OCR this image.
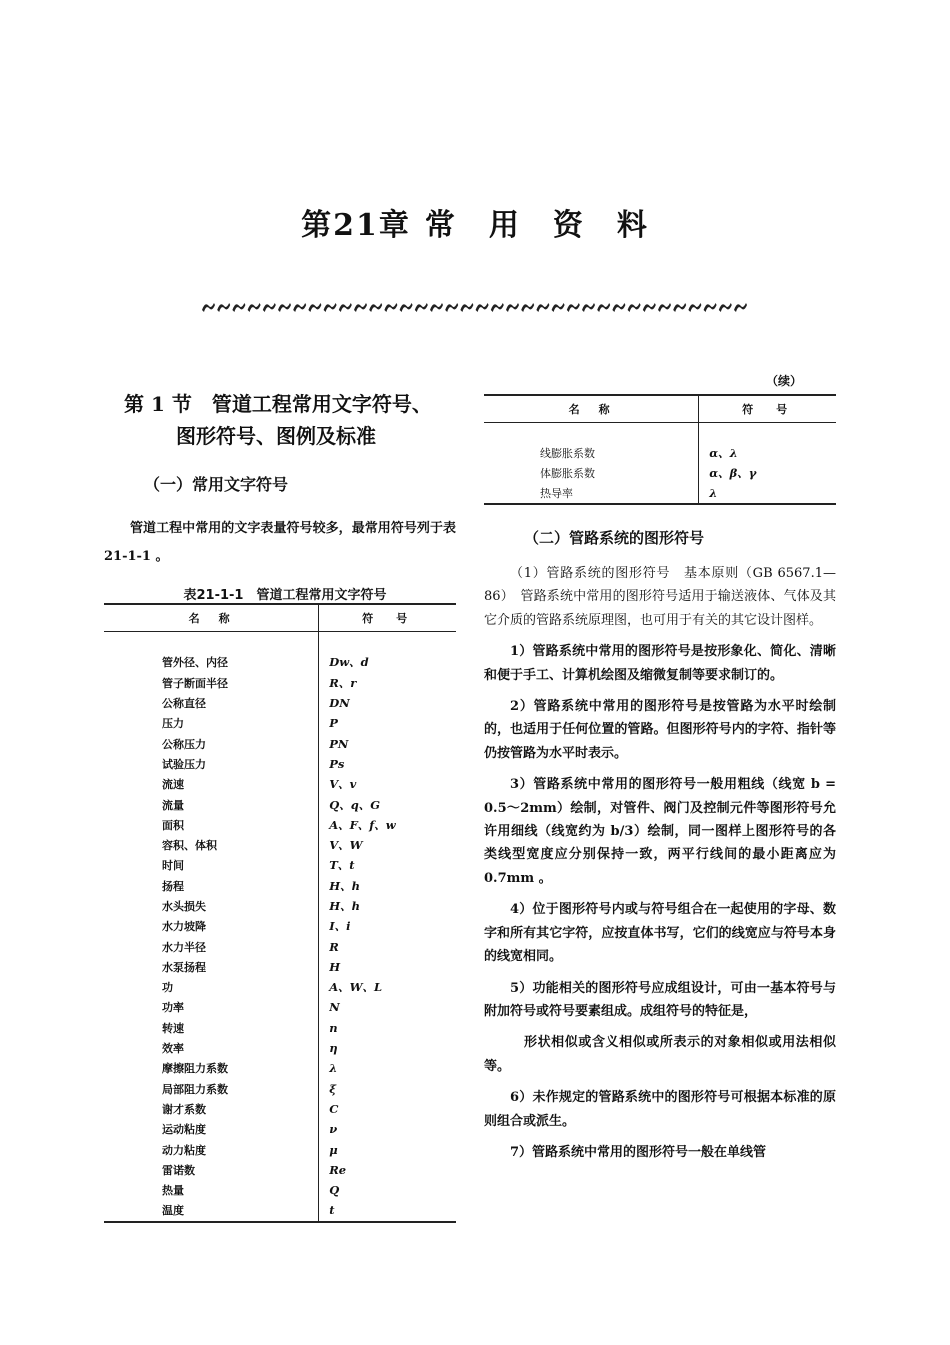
第21章 常　用　资　料
第 1 节　管道工程常用文字符号、
图形符号、图例及标准
（一）常用文字符号

管道工程中常用的文字表量符号较多，最常用符号列于表 21-1-1 。

表21-1-1　管道工程常用文字符号
名　称	符　号

管外径、内径	Dw、d
管子断面半径	R、r
公称直径	DN
压力	P
公称压力	PN
试验压力	Ps
流速	V、v
流量	Q、q、G
面积	A、F、f、w
容积、体积	V、W
时间	T、t
扬程	H、h
水头损失	H、h
水力坡降	I、i
水力半径	R
水泵扬程	H
功	A、W、L
功率	N
转速	n
效率	η
摩擦阻力系数	λ
局部阻力系数	ξ
谢才系数	C
运动粘度	ν
动力粘度	μ
雷诺数	Re
热量	Q
温度	t
（续）
名　称	符　号

线膨胀系数	α、λ
体膨胀系数	α、β、γ
热导率	λ
（二）管路系统的图形符号

（1）管路系统的图形符号　基本原则（GB 6567.1—86）　管路系统中常用的图形符号适用于输送液体、气体及其它介质的管路系统原理图，也可用于有关的其它设计图样。

1）管路系统中常用的图形符号是按形象化、简化、清晰和便于手工、计算机绘图及缩微复制等要求制订的。

2）管路系统中常用的图形符号是按管路为水平时绘制的，也适用于任何位置的管路。但图形符号内的字符、指针等仍按管路为水平时表示。

3）管路系统中常用的图形符号一般用粗线（线宽 b = 0.5～2mm）绘制，对管件、阀门及控制元件等图形符号允许用细线（线宽约为 b/3）绘制，同一图样上图形符号的各类线型宽度应分别保持一致，两平行线间的最小距离应为 0.7mm 。

4）位于图形符号内或与符号组合在一起使用的字母、数字和所有其它字符，应按直体书写，它们的线宽应与符号本身的线宽相同。

5）功能相关的图形符号应成组设计，可由一基本符号与附加符号或符号要素组成。成组符号的特征是，

形状相似或含义相似或所表示的对象相似或用法相似等。

6）未作规定的管路系统中的图形符号可根据本标准的原则组合或派生。

7）管路系统中常用的图形符号一般在单线管
